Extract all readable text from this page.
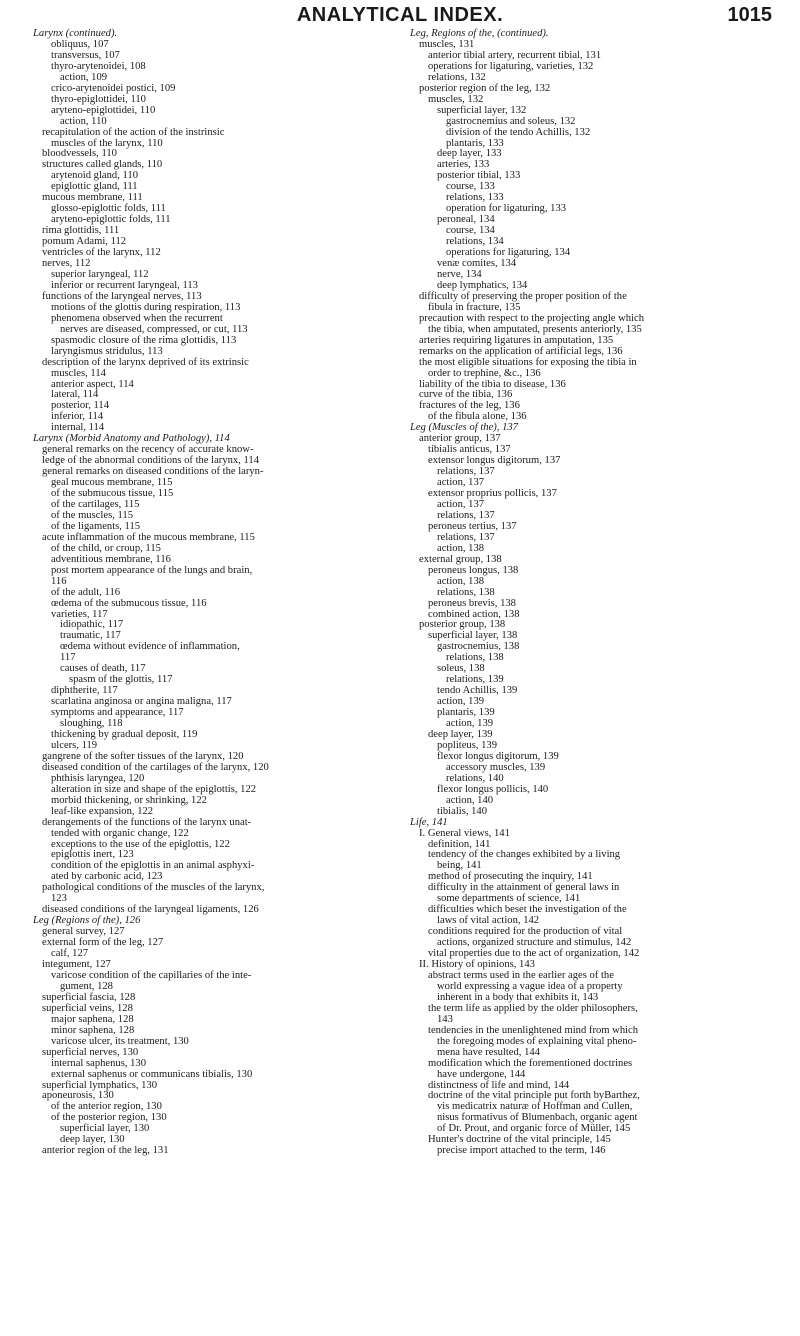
ANALYTICAL INDEX.	1015

Larynx (continued).

obliquus, 107

transversus, 107

thyro-arytenoidei, 108

action, 109

crico-arytenoidei postici, 109

thyro-epiglottidei, 110

aryteno-epiglottidei, 110

action, 110

recapitulation of the action of the instrinsic

muscles of the larynx, 110

bloodvessels, 110

structures called glands, 110

arytenoid gland, 110

epiglottic gland, 111

mucous membrane, 111

glosso-epiglottic folds, 111

aryteno-epiglottic folds, 111

rima glottidis, 111

pomum Adami, 112

ventricles of the larynx, 112

nerves, 112

superior laryngeal, 112

inferior or recurrent laryngeal, 113

functions of the laryngeal nerves, 113

motions of the glottis during respiration, 113

phenomena observed when the recurrent

nerves are diseased, compressed, or cut, 113

spasmodic closure of the rima glottidis, 113

laryngismus stridulus, 113

description of the larynx deprived of its extrinsic

muscles, 114

anterior aspect, 114

lateral, 114

posterior, 114

inferior, 114

internal, 114

Larynx (Morbid Anatomy and Pathology), 114

general remarks on the recency of accurate know-

ledge of the abnormal conditions of the larynx, 114

general remarks on diseased conditions of the laryn-

geal mucous membrane, 115

of the submucous tissue, 115

of the cartilages, 115

of the muscles, 115

of the ligaments, 115

acute inflammation of the mucous membrane, 115

of the child, or croup, 115

adventitious membrane, 116

post mortem appearance of the lungs and brain,

116

of the adult, 116

œdema of the submucous tissue, 116

varieties, 117

idiopathic, 117

traumatic, 117

œdema without evidence of inflammation,

117

causes of death, 117

spasm of the glottis, 117

diphtherite, 117

scarlatina anginosa or angina maligna, 117

symptoms and appearance, 117

sloughing, 118

thickening by gradual deposit, 119

ulcers, 119

gangrene of the softer tissues of the larynx, 120

diseased condition of the cartilages of the larynx, 120

phthisis laryngea, 120

alteration in size and shape of the epiglottis, 122

morbid thickening, or shrinking, 122

leaf-like expansion, 122

derangements of the functions of the larynx unat-

tended with organic change, 122

exceptions to the use of the epiglottis, 122

epiglottis inert, 123

condition of the epiglottis in an animal asphyxi-

ated by carbonic acid, 123

pathological conditions of the muscles of the larynx,

123

diseased conditions of the laryngeal ligaments, 126

Leg (Regions of the), 126

general survey, 127

external form of the leg, 127

calf, 127

integument, 127

varicose condition of the capillaries of the inte-

gument, 128

superficial fascia, 128

superficial veins, 128

major saphena, 128

minor saphena, 128

varicose ulcer, its treatment, 130

superficial nerves, 130

internal saphenus, 130

external saphenus or communicans tibialis, 130

superficial lymphatics, 130

aponeurosis, 130

of the anterior region, 130

of the posterior region, 130

superficial layer, 130

deep layer, 130

anterior region of the leg, 131

Leg, Regions of the, (continued).

muscles, 131

anterior tibial artery, recurrent tibial, 131

operations for ligaturing, varieties, 132

relations, 132

posterior region of the leg, 132

muscles, 132

superficial layer, 132

gastrocnemius and soleus, 132

division of the tendo Achillis, 132

plantaris, 133

deep layer, 133

arteries, 133

posterior tibial, 133

course, 133

relations, 133

operation for ligaturing, 133

peroneal, 134

course, 134

relations, 134

operations for ligaturing, 134

venæ comites, 134

nerve, 134

deep lymphatics, 134

difficulty of preserving the proper position of the

fibula in fracture, 135

precaution with respect to the projecting angle which

the tibia, when amputated, presents anteriorly, 135

arteries requiring ligatures in amputation, 135

remarks on the application of artificial legs, 136

the most eligible situations for exposing the tibia in

order to trephine, &c., 136

liability of the tibia to disease, 136

curve of the tibia, 136

fractures of the leg, 136

of the fibula alone, 136

Leg (Muscles of the), 137

anterior group, 137

tibialis anticus, 137

extensor longus digitorum, 137

relations, 137

action, 137

extensor proprius pollicis, 137

action, 137

relations, 137

peroneus tertius, 137

relations, 137

action, 138

external group, 138

peroneus longus, 138

action, 138

relations, 138

peroneus brevis, 138

combined action, 138

posterior group, 138

superficial layer, 138

gastrocnemius, 138

relations, 138

soleus, 138

relations, 139

tendo Achillis, 139

action, 139

plantaris, 139

action, 139

deep layer, 139

popliteus, 139

flexor longus digitorum, 139

accessory muscles, 139

relations, 140

flexor longus pollicis, 140

action, 140

tibialis, 140

Life, 141

I. General views, 141

definition, 141

tendency of the changes exhibited by a living

being, 141

method of prosecuting the inquiry, 141

difficulty in the attainment of general laws in

some departments of science, 141

difficulties which beset the investigation of the

laws of vital action, 142

conditions required for the production of vital

actions, organized structure and stimulus, 142

vital properties due to the act of organization, 142

II. History of opinions, 143

abstract terms used in the earlier ages of the

world expressing a vague idea of a property

inherent in a body that exhibits it, 143

the term life as applied by the older philosophers,

143

tendencies in the unenlightened mind from which

the foregoing modes of explaining vital pheno-

mena have resulted, 144

modification which the forementioned doctrines

have undergone, 144

distinctness of life and mind, 144

doctrine of the vital principle put forth byBarthez,

vis medicatrix naturæ of Hoffman and Cullen,

nisus formativus of Blumenbach, organic agent

of Dr. Prout, and organic force of Müller, 145

Hunter's doctrine of the vital principle, 145

precise import attached to the term, 146
